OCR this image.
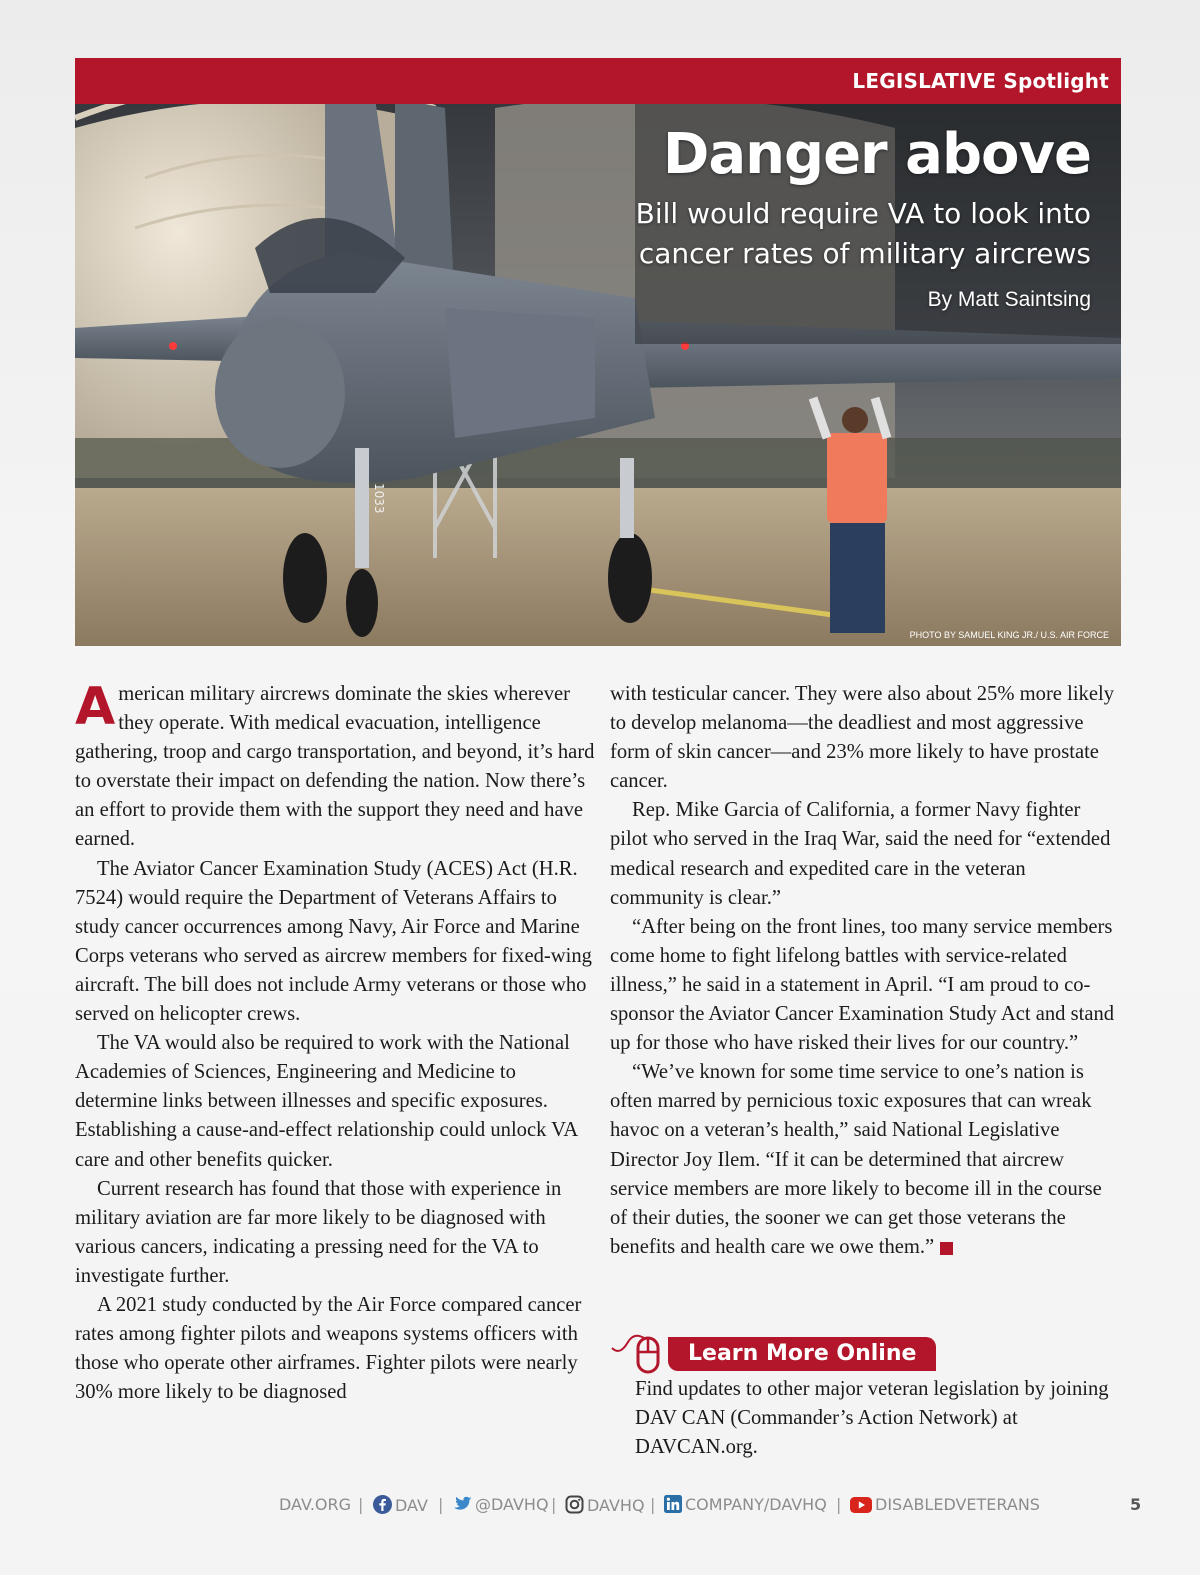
1033
LEGISLATIVE Spotlight
Danger above
Bill would require VA to look into
cancer rates of military aircrews
By Matt Saintsing
PHOTO BY SAMUEL KING JR./ U.S. AIR FORCE

American military aircrews dominate the skies wherever they operate. With medical evacuation, intelligence gathering, troop and cargo transportation, and beyond, it’s hard to overstate their impact on defending the nation. Now there’s an effort to provide them with the support they need and have earned.

The Aviator Cancer Examination Study (ACES) Act (H.R. 7524) would require the Department of Veterans Affairs to study cancer occurrences among Navy, Air Force and Marine Corps veterans who served as aircrew members for fixed-wing aircraft. The bill does not include Army veterans or those who served on helicopter crews.

The VA would also be required to work with the National Academies of Sciences, Engineering and Medicine to determine links between illnesses and specific exposures. Establishing a cause-and-effect relationship could unlock VA care and other benefits quicker.

Current research has found that those with experience in military aviation are far more likely to be diagnosed with various cancers, indicating a pressing need for the VA to investigate further.

A 2021 study conducted by the Air Force compared cancer rates among fighter pilots and weapons systems officers with those who operate other airframes. Fighter pilots were nearly 30% more likely to be diagnosed

with testicular cancer. They were also about 25% more likely to develop melanoma—the deadliest and most aggressive form of skin cancer—and 23% more likely to have prostate cancer.

Rep. Mike Garcia of California, a former Navy fighter pilot who served in the Iraq War, said the need for “extended medical research and expedited care in the veteran community is clear.”

“After being on the front lines, too many service members come home to fight lifelong battles with service-related illness,” he said in a statement in April. “I am proud to co-sponsor the Aviator Cancer Examination Study Act and stand up for those who have risked their lives for our country.”

“We’ve known for some time service to one’s nation is often marred by pernicious toxic exposures that can wreak havoc on a veteran’s health,” said National Legislative Director Joy Ilem. “If it can be determined that aircrew service members are more likely to become ill in the course of their duties, the sooner we can get those veterans the benefits and health care we owe them.”

Learn More Online
Find updates to other major veteran legislation by joining DAV CAN (Commander’s Action Network) at DAVCAN.org.
DAV.ORG |	DAV |	@DAVHQ |	DAVHQ |	COMPANY/DAVHQ |	DISABLEDVETERANS	5
